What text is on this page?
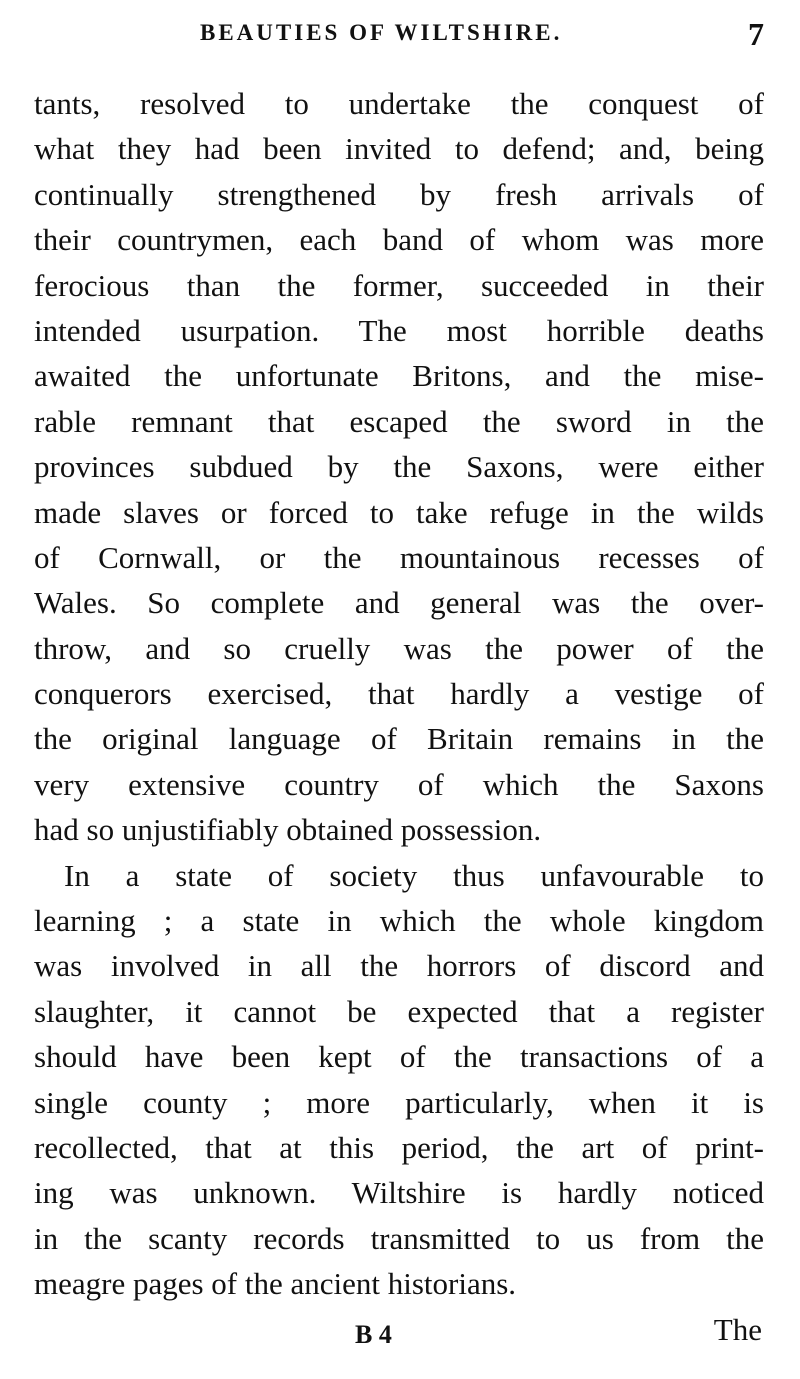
BEAUTIES OF WILTSHIRE.	7
tants, resolved to undertake the conquest of
what they had been invited to defend; and, being
continually strengthened by fresh arrivals of
their countrymen, each band of whom was more
ferocious than the former, succeeded in their
intended usurpation. The most horrible deaths
awaited the unfortunate Britons, and the mise-
rable remnant that escaped the sword in the
provinces subdued by the Saxons, were either
made slaves or forced to take refuge in the wilds
of Cornwall, or the mountainous recesses of
Wales. So complete and general was the over-
throw, and so cruelly was the power of the
conquerors exercised, that hardly a vestige of
the original language of Britain remains in the
very extensive country of which the Saxons
had so unjustifiably obtained possession.
In a state of society thus unfavourable to
learning ; a state in which the whole kingdom
was involved in all the horrors of discord and
slaughter, it cannot be expected that a register
should have been kept of the transactions of a
single county ; more particularly, when it is
recollected, that at this period, the art of print-
ing was unknown. Wiltshire is hardly noticed
in the scanty records transmitted to us from the
meagre pages of the ancient historians.
B 4	The
